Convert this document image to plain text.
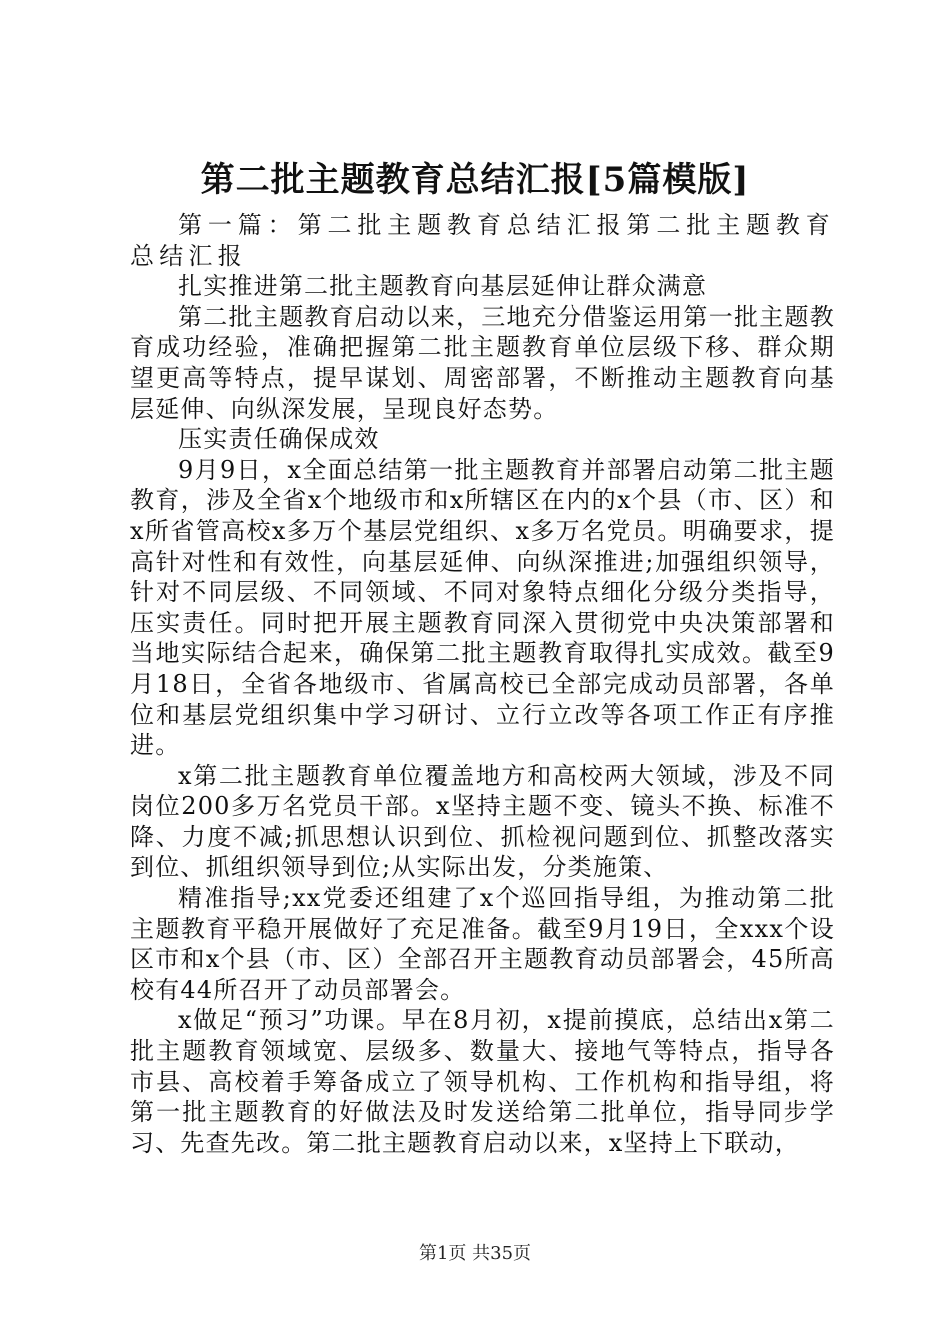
第二批主题教育总结汇报[5篇模版]

第一篇：第二批主题教育总结汇报第二批主题教育总结汇报

扎实推进第二批主题教育向基层延伸让群众满意

第二批主题教育启动以来，三地充分借鉴运用第一批主题教育成功经验，准确把握第二批主题教育单位层级下移、群众期望更高等特点，提早谋划、周密部署，不断推动主题教育向基层延伸、向纵深发展，呈现良好态势。

压实责任确保成效

9月9日，x全面总结第一批主题教育并部署启动第二批主题教育，涉及全省x个地级市和x所辖区在内的x个县（市、区）和x所省管高校x多万个基层党组织、x多万名党员。明确要求，提高针对性和有效性，向基层延伸、向纵深推进;加强组织领导，针对不同层级、不同领域、不同对象特点细化分级分类指导，压实责任。同时把开展主题教育同深入贯彻党中央决策部署和当地实际结合起来，确保第二批主题教育取得扎实成效。截至9月18日，全省各地级市、省属高校已全部完成动员部署，各单位和基层党组织集中学习研讨、立行立改等各项工作正有序推进。

x第二批主题教育单位覆盖地方和高校两大领域，涉及不同岗位200多万名党员干部。x坚持主题不变、镜头不换、标准不降、力度不减;抓思想认识到位、抓检视问题到位、抓整改落实到位、抓组织领导到位;从实际出发，分类施策、

精准指导;xx党委还组建了x个巡回指导组，为推动第二批主题教育平稳开展做好了充足准备。截至9月19日，全xxx个设区市和x个县（市、区）全部召开主题教育动员部署会，45所高校有44所召开了动员部署会。

x做足“预习”功课。早在8月初，x提前摸底，总结出x第二批主题教育领域宽、层级多、数量大、接地气等特点，指导各市县、高校着手筹备成立了领导机构、工作机构和指导组，将第一批主题教育的好做法及时发送给第二批单位，指导同步学习、先查先改。第二批主题教育启动以来，x坚持上下联动，

第1页 共35页
